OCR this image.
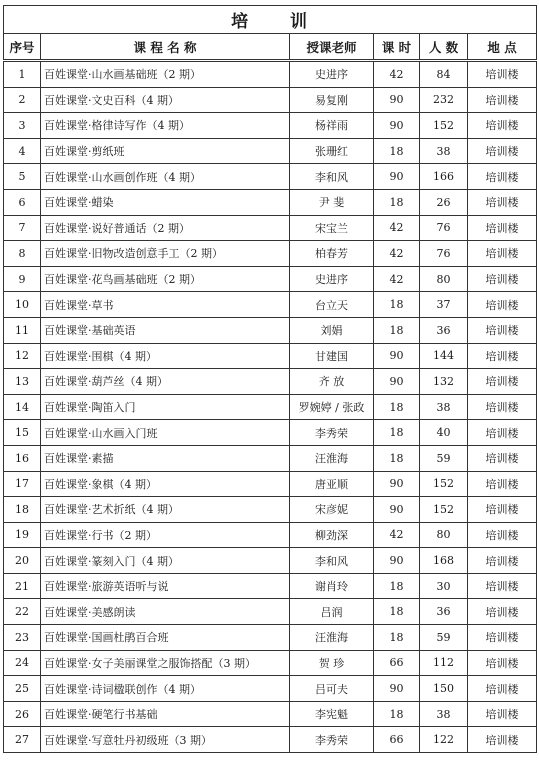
培 训					
序号	课 程 名 称	授课老师	课 时	人 数	地 点
1	百姓课堂·山水画基础班（2 期）	史进序	42	84	培训楼
2	百姓课堂·文史百科（4 期）	易复刚	90	232	培训楼
3	百姓课堂·格律诗写作（4 期）	杨祥雨	90	152	培训楼
4	百姓课堂·剪纸班	张珊红	18	38	培训楼
5	百姓课堂·山水画创作班（4 期）	李和风	90	166	培训楼
6	百姓课堂·蜡染	尹 斐	18	26	培训楼
7	百姓课堂·说好普通话（2 期）	宋宝兰	42	76	培训楼
8	百姓课堂·旧物改造创意手工（2 期）	柏春芳	42	76	培训楼
9	百姓课堂·花鸟画基础班（2 期）	史进序	42	80	培训楼
10	百姓课堂·草书	台立天	18	37	培训楼
11	百姓课堂·基础英语	刘娟	18	36	培训楼
12	百姓课堂·围棋（4 期）	甘建国	90	144	培训楼
13	百姓课堂·葫芦丝（4 期）	齐 放	90	132	培训楼
14	百姓课堂·陶笛入门	罗婉婷 / 张政	18	38	培训楼
15	百姓课堂·山水画入门班	李秀荣	18	40	培训楼
16	百姓课堂·素描	汪淮海	18	59	培训楼
17	百姓课堂·象棋（4 期）	唐亚顺	90	152	培训楼
18	百姓课堂·艺术折纸（4 期）	宋彦妮	90	152	培训楼
19	百姓课堂·行书（2 期）	柳劲深	42	80	培训楼
20	百姓课堂·篆刻入门（4 期）	李和风	90	168	培训楼
21	百姓课堂·旅游英语听与说	谢肖玲	18	30	培训楼
22	百姓课堂·美感朗读	吕润	18	36	培训楼
23	百姓课堂·国画杜鹃百合班	汪淮海	18	59	培训楼
24	百姓课堂·女子美丽课堂之服饰搭配（3 期）	贺 珍	66	112	培训楼
25	百姓课堂·诗词楹联创作（4 期）	吕可夫	90	150	培训楼
26	百姓课堂·硬笔行书基础	李宪魁	18	38	培训楼
27	百姓课堂·写意牡丹初级班（3 期）	李秀荣	66	122	培训楼
